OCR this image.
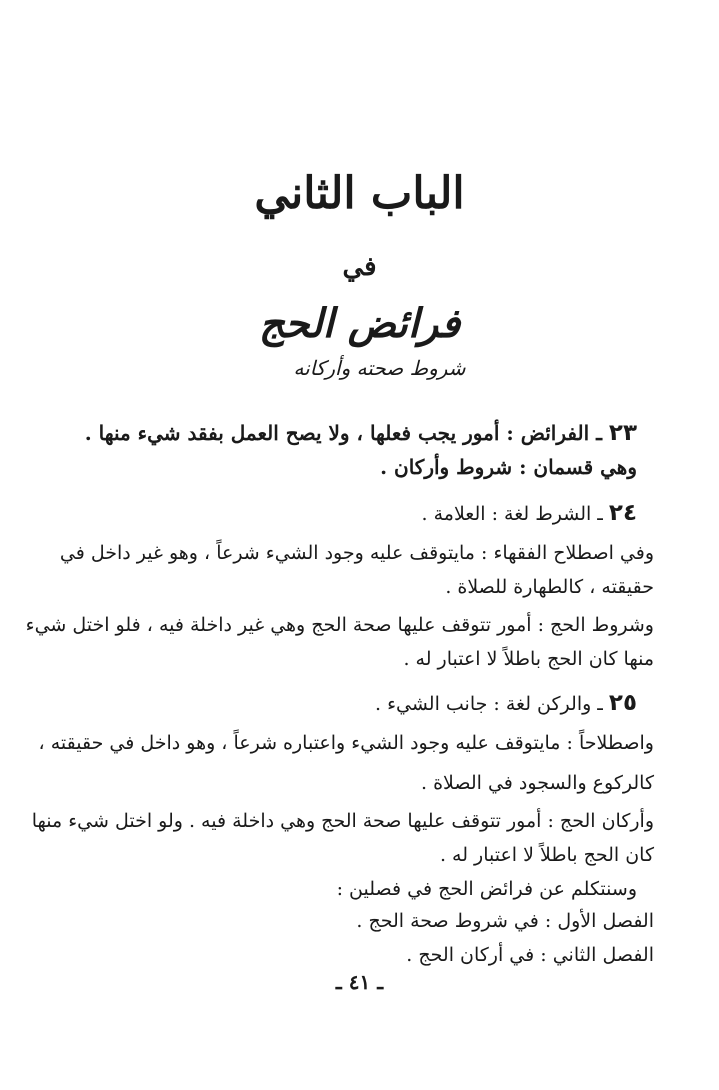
الباب الثاني
في
فرائض الحج
شروط صحته وأركانه
٢٣ ـ الفرائض : أمور يجب فعلها ، ولا يصح العمل بفقد شيء منها .
وهي قسمان : شروط وأركان .
٢٤ ـ الشرط لغة : العلامة .
وفي اصطلاح الفقهاء : مايتوقف عليه وجود الشيء شرعاً ، وهو غير داخل في
حقيقته ، كالطهارة للصلاة .
وشروط الحج : أمور تتوقف عليها صحة الحج وهي غير داخلة فيه ، فلو اختل شيء
منها كان الحج باطلاً لا اعتبار له .
٢٥ ـ والركن لغة : جانب الشيء .
واصطلاحاً : مايتوقف عليه وجود الشيء واعتباره شرعاً ، وهو داخل في حقيقته ،
كالركوع والسجود في الصلاة .
وأركان الحج : أمور تتوقف عليها صحة الحج وهي داخلة فيه . ولو اختل شيء منها
كان الحج باطلاً لا اعتبار له .
وسنتكلم عن فرائض الحج في فصلين :
الفصل الأول : في شروط صحة الحج .
الفصل الثاني : في أركان الحج .
ـ ٤١ ـ
